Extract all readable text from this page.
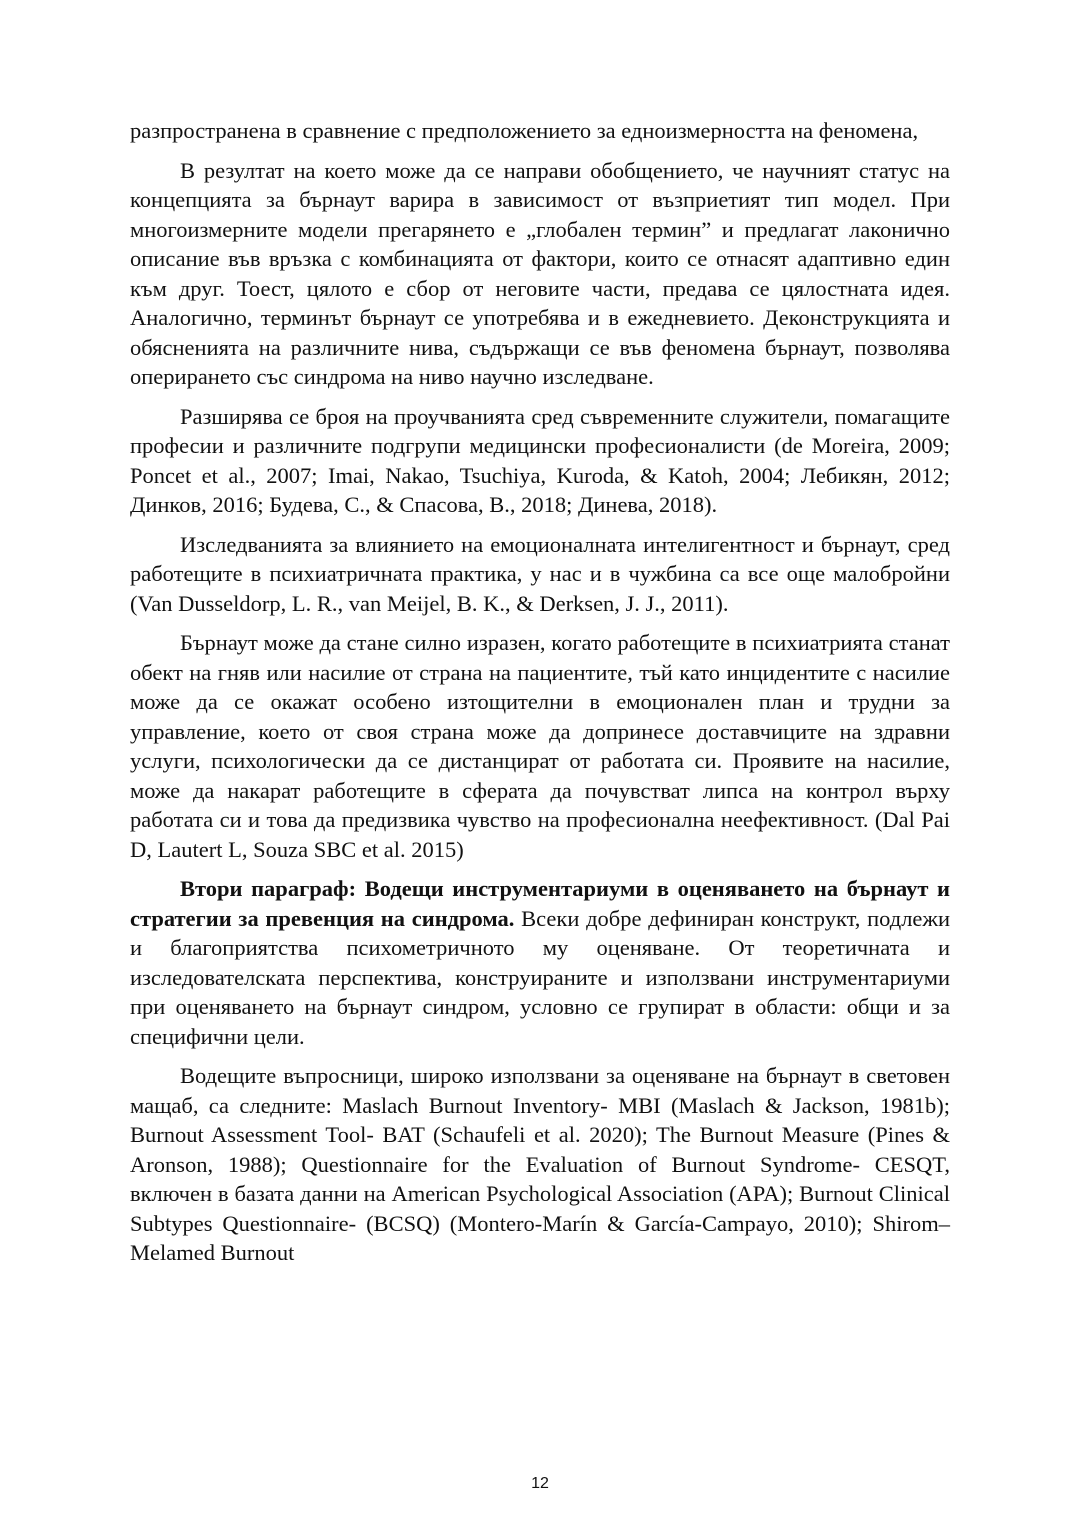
разпространена в сравнение с предположението за едноизмерността на феномена,

В резултат на което може да се направи обобщението, че научният статус на концепцията за бърнаут варира в зависимост от възприетият тип модел. При многоизмерните модели прегарянето е „глобален термин” и предлагат лаконично описание във връзка с комбинацията от фактори, които се отнасят адаптивно един към друг. Тоест, цялото е сбор от неговите части, предава се цялостната идея. Аналогично, терминът бърнаут се употребява и в ежедневието. Деконструкцията и обясненията на различните нива, съдържащи се във феномена бърнаут, позволява опериранетo със синдрома на ниво научно изследване.

Разширява се броя на проучванията сред съвременните служители, помагащите професии и различните подгрупи медицински професионалисти (de Moreira, 2009; Poncet et al., 2007; Imai, Nakao, Tsuchiya, Kuroda, & Katoh, 2004; Лебикян, 2012; Динков, 2016; Будева, С., & Спасова, В., 2018; Динева, 2018).

Изследванията за влиянието на емоционалната интелигентност и бърнаут, сред работещите в психиатричната практика, у нас и в чужбина са все още малобройни (Van Dusseldorp, L. R., van Meijel, B. K., & Derksen, J. J., 2011).

Бърнаут може да стане силно изразен, когато работещите в психиатрията станат обект на гняв или насилие от страна на пациентите, тъй като инцидентите с насилие може да се окажат особено изтощителни в емоционален план и трудни за управление, което от своя страна може да допринесе доставчиците на здравни услуги, психологически да се дистанцират от работата си. Проявите на насилие, може да накарат работещите в сферата да почувстват липса на контрол върху работата си и това да предизвика чувство на професионална неефективност. (Dal Pai D, Lautert L, Souza SBC et al. 2015)

Втори параграф: Водещи инструментариуми в оценяването на бърнаут и стратегии за превенция на синдрома. Всеки добре дефиниран конструкт, подлежи и благоприятства психометричното му оценяване. От теоретичната и изследователската перспектива, конструираните и използвани инструментариуми при оценяването на бърнаут синдром, условно се групират в области: общи и за специфични цели.

Водещите въпросници, широко използвани за оценяване на бърнаут в световен мащаб, са следните: Maslach Burnout Inventory- MBI (Maslach & Jackson, 1981b); Burnout Assessment Tool- BAT (Schaufeli et al. 2020); The Burnout Measure (Pines & Aronson, 1988); Questionnaire for the Evaluation of Burnout Syndrome- CESQT, включен в базата данни на American Psychological Association (APA); Burnout Clinical Subtypes Questionnaire- (BCSQ) (Montero-Marín & García-Campayo, 2010); Shirom–Melamed Burnout

12
